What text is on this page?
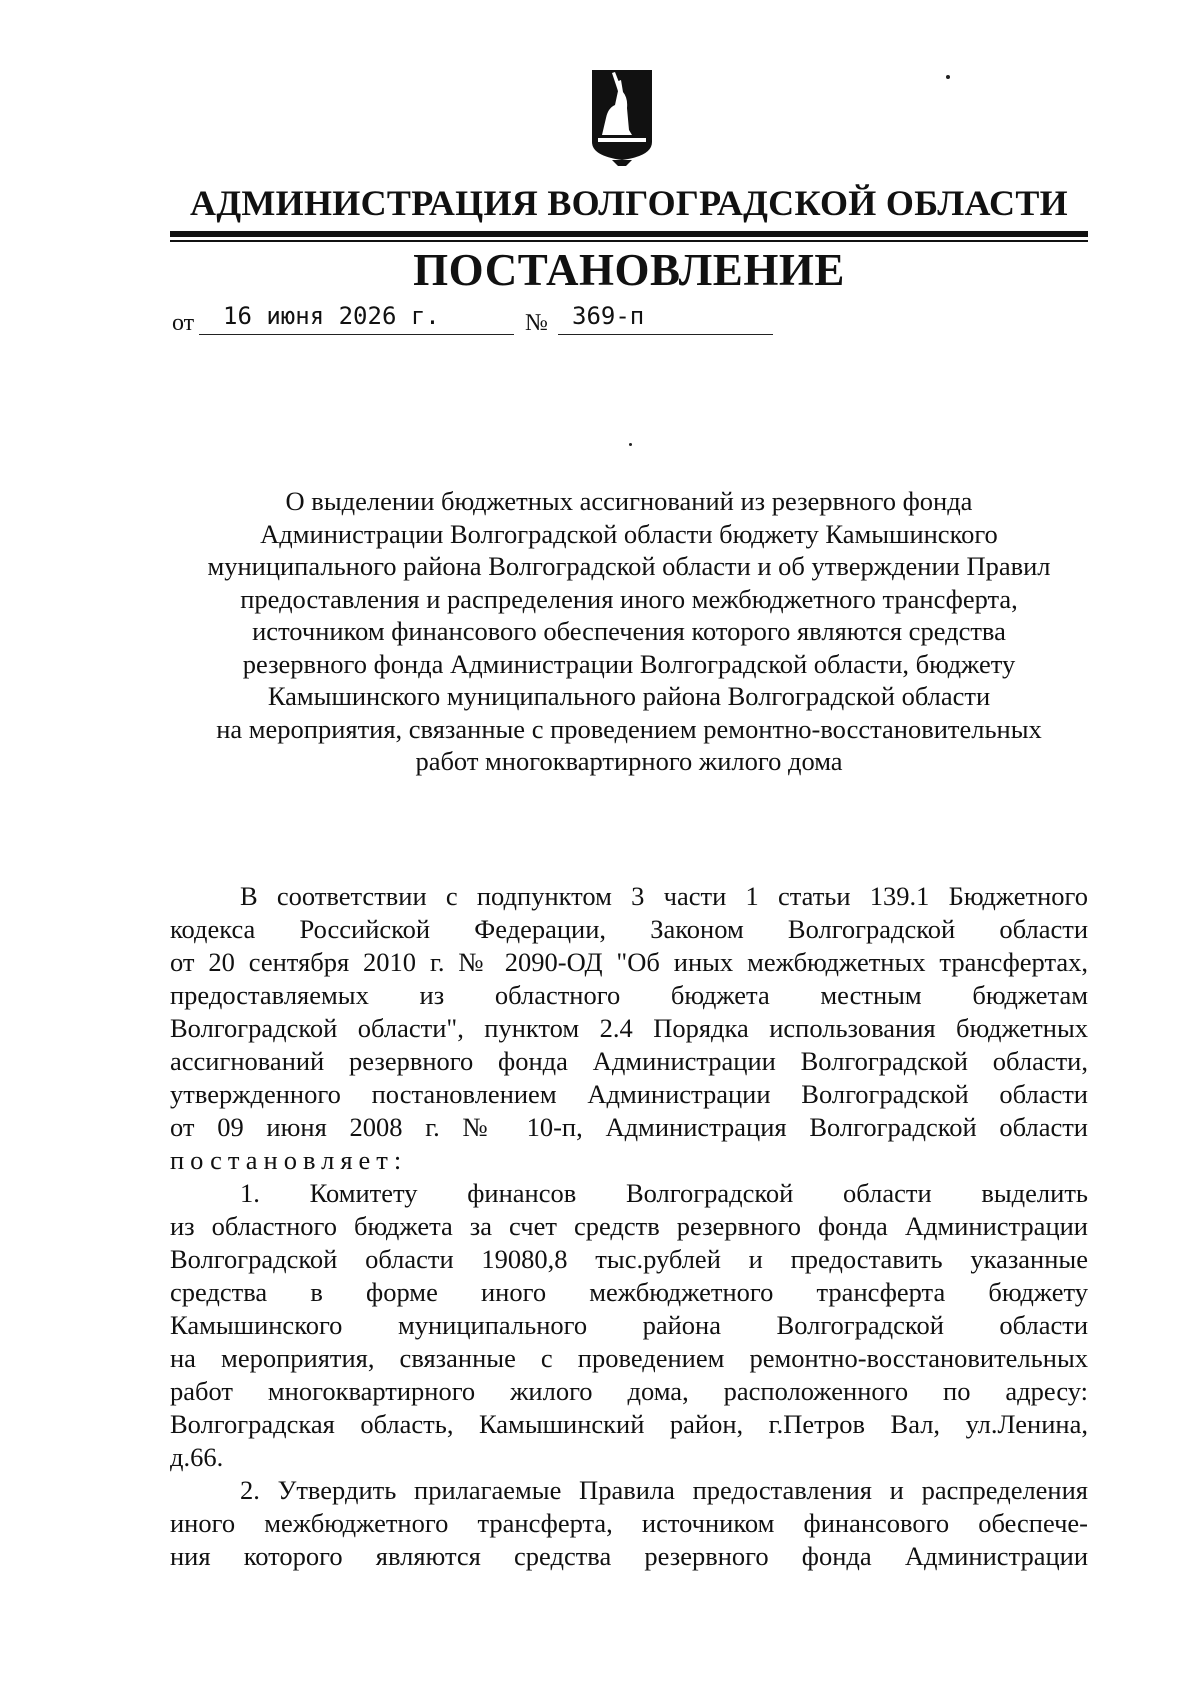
АДМИНИСТРАЦИЯ ВОЛГОГРАДСКОЙ ОБЛАСТИ
ПОСТАНОВЛЕНИЕ
от	16 июня 2026 г.	№	369-п
О выделении бюджетных ассигнований из резервного фонда
Администрации Волгоградской области бюджету Камышинского
муниципального района Волгоградской области и об утверждении Правил
предоставления и распределения иного межбюджетного трансферта,
источником финансового обеспечения которого являются средства
резервного фонда Администрации Волгоградской области, бюджету
Камышинского муниципального района Волгоградской области
на мероприятия, связанные с проведением ремонтно-восстановительных
работ многоквартирного жилого дома
В соответствии с подпунктом 3 части 1 статьи 139.1 Бюджетного
кодекса Российской Федерации, Законом Волгоградской области
от 20 сентября 2010 г. № 2090-ОД "Об иных межбюджетных трансфертах,
предоставляемых из областного бюджета местным бюджетам
Волгоградской области", пунктом 2.4 Порядка использования бюджетных
ассигнований резервного фонда Администрации Волгоградской области,
утвержденного постановлением Администрации Волгоградской области
от 09 июня 2008 г. № 10-п, Администрация Волгоградской области
постановляет:
1. Комитету финансов Волгоградской области выделить
из областного бюджета за счет средств резервного фонда Администрации
Волгоградской области 19080,8 тыс.рублей и предоставить указанные
средства в форме иного межбюджетного трансферта бюджету
Камышинского муниципального района Волгоградской области
на мероприятия, связанные с проведением ремонтно-восстановительных
работ многоквартирного жилого дома, расположенного по адресу:
Волгоградская область, Камышинский район, г.Петров Вал, ул.Ленина,
д.66.
2. Утвердить прилагаемые Правила предоставления и распределения
иного межбюджетного трансферта, источником финансового обеспече-
ния которого являются средства резервного фонда Администрации
